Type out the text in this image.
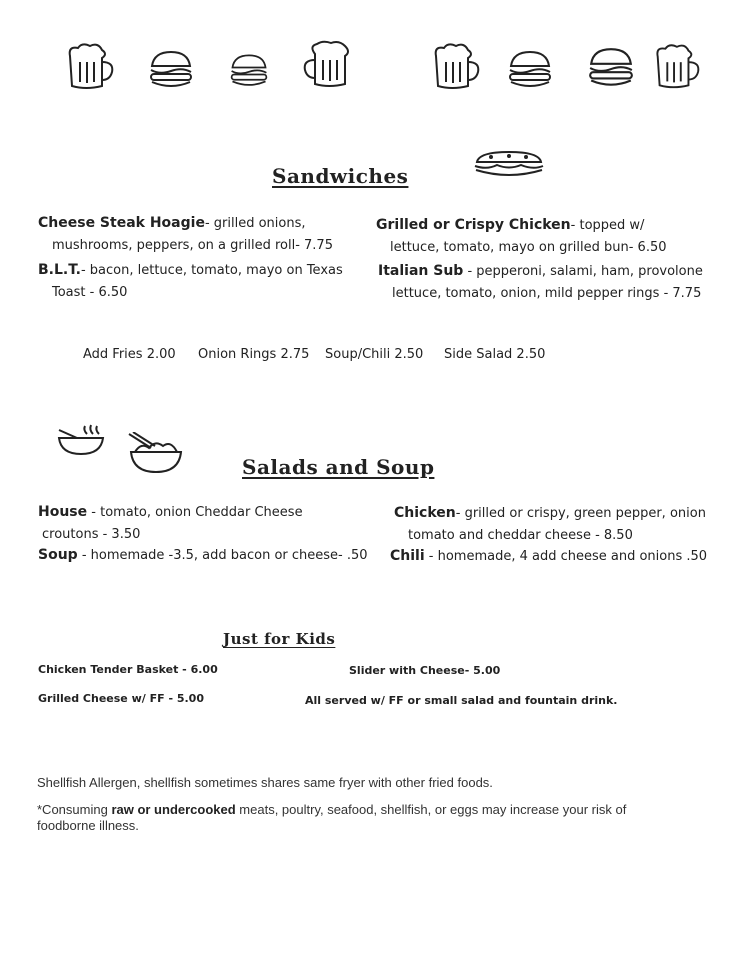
Sandwiches
Cheese Steak Hoagie- grilled onions,
mushrooms, peppers, on a grilled roll- 7.75
B.L.T.- bacon, lettuce, tomato, mayo on Texas
Toast - 6.50
Grilled or Crispy Chicken- topped w/
lettuce, tomato, mayo on grilled bun- 6.50
Italian Sub - pepperoni, salami, ham, provolone
lettuce, tomato, onion, mild pepper rings - 7.75
Add Fries 2.00 Onion Rings 2.75 Soup/Chili 2.50 Side Salad 2.50
Salads and Soup
House - tomato, onion Cheddar Cheese
croutons - 3.50
Soup - homemade -3.5, add bacon or cheese- .50
Chicken- grilled or crispy, green pepper, onion
tomato and cheddar cheese - 8.50
Chili - homemade, 4 add cheese and onions .50
Just for Kids
Chicken Tender Basket - 6.00	Slider with Cheese- 5.00
Grilled Cheese w/ FF - 5.00	All served w/ FF or small salad and fountain drink.
Shellfish Allergen, shellfish sometimes shares same fryer with other fried foods.
*Consuming raw or undercooked meats, poultry, seafood, shellfish, or eggs may increase your risk of
foodborne illness.
